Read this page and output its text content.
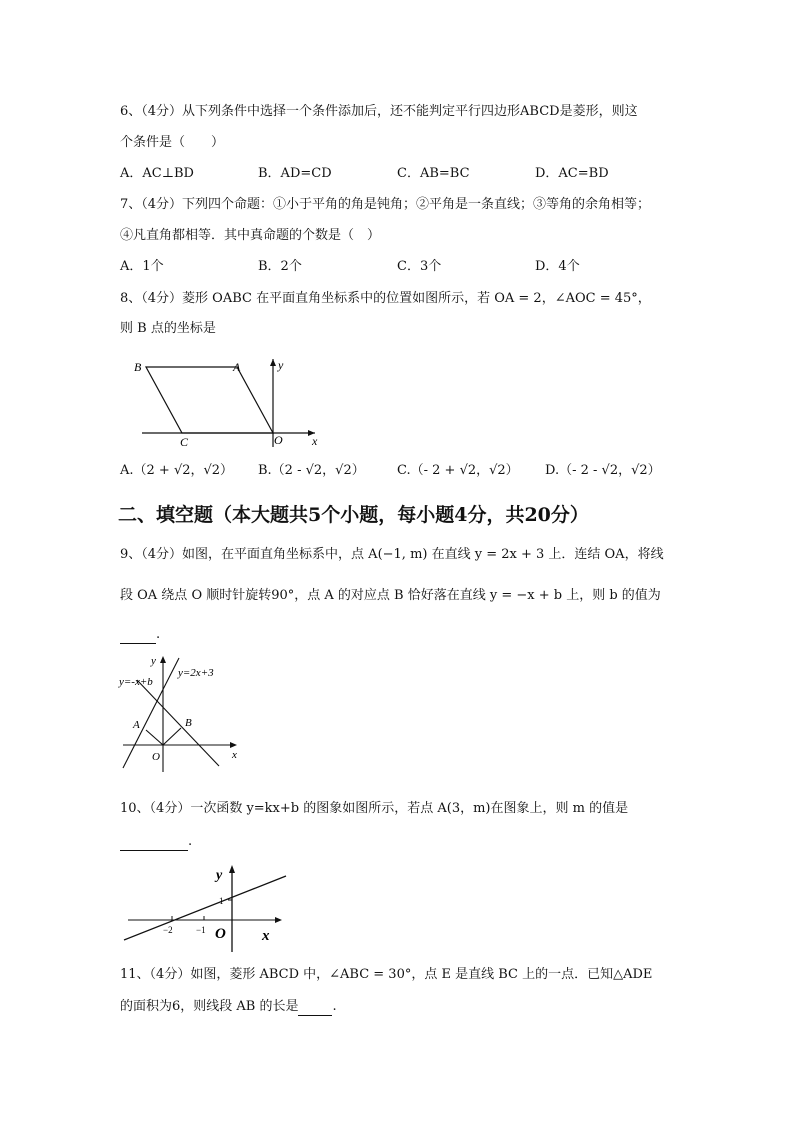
6、（4分）从下列条件中选择一个条件添加后，还不能判定平行四边形ABCD是菱形，则这
个条件是（　　）
A．AC⊥BD	B．AD=CD	C．AB=BC	D．AC=BD
7、（4分）下列四个命题：①小于平角的角是钝角；②平角是一条直线；③等角的余角相等；
④凡直角都相等．其中真命题的个数是（　）
A．1个	B．2个	C．3个	D．4个
8、（4分）菱形 OABC 在平面直角坐标系中的位置如图所示，若 OA = 2，∠AOC = 45°，
则 B 点的坐标是
B	A
C	O x
y
A.（2 + √2，√2） B.（2 - √2，√2） C.（- 2 + √2，√2） D.（- 2 - √2，√2）
二、填空题（本大题共5个小题，每小题4分，共20分）
9、（4分）如图，在平面直角坐标系中，点 A(−1, m) 在直线 y = 2x + 3 上．连结 OA，将线
段 OA 绕点 O 顺时针旋转90°，点 A 的对应点 B 恰好落在直线 y = −x + b 上，则 b 的值为
.
y=-x+b
y=2x+3
A	B
O	x
y
10、（4分）一次函数 y=kx+b 的图象如图所示，若点 A(3，m)在图象上，则 m 的值是
.
y
x
O
1
−1
−2
11、（4分）如图，菱形 ABCD 中，∠ABC = 30°，点 E 是直线 BC 上的一点．已知△ADE
的面积为6，则线段 AB 的长是	.
